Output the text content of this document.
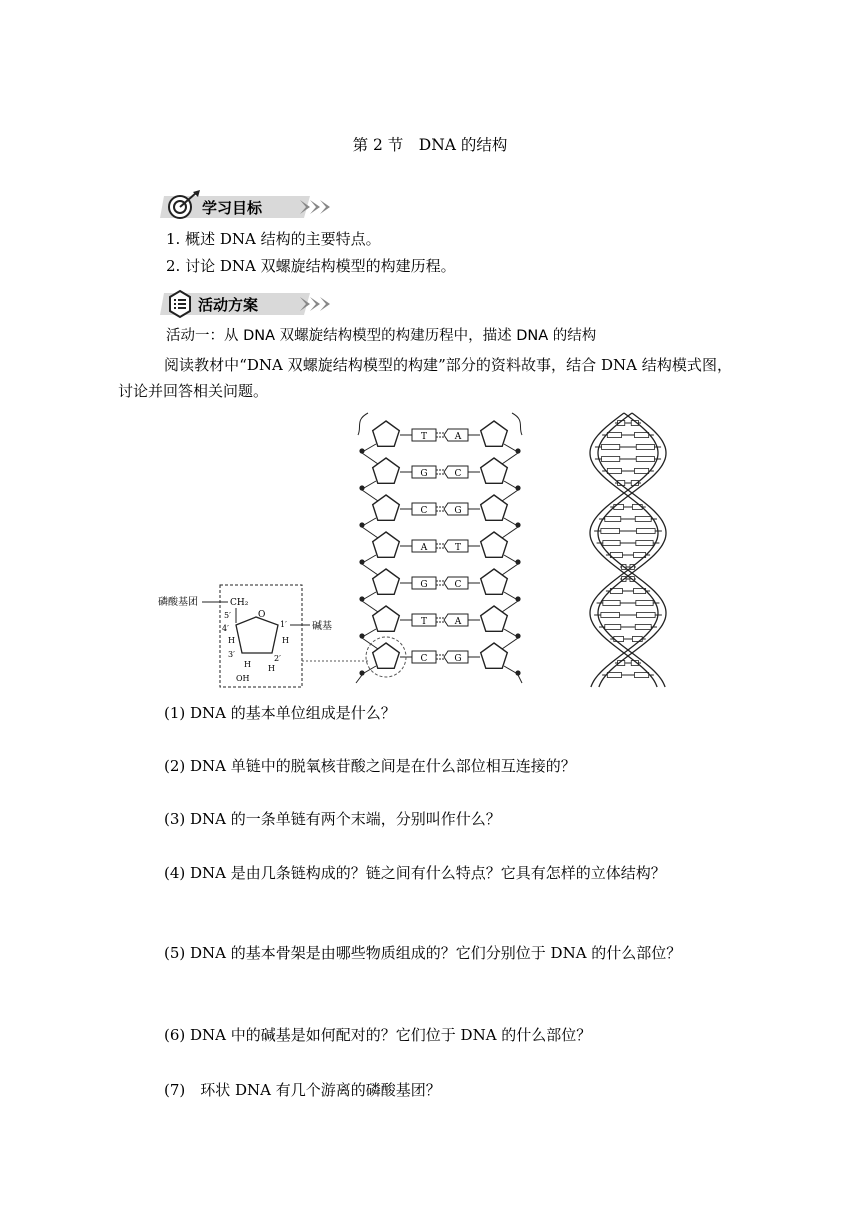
第 2 节　DNA 的结构
学习目标
1. 概述 DNA 结构的主要特点。
2. 讨论 DNA 双螺旋结构模型的构建历程。
活动方案
活动一：从 DNA 双螺旋结构模型的构建历程中，描述 DNA 的结构
阅读教材中“DNA 双螺旋结构模型的构建”部分的资料故事，结合 DNA 结构模式图，讨论并回答相关问题。
磷酸基团	CH₂
5′	O
4′	1′	碱基
H	H
3′	2′
H H
OH
T	A
G	C
C	G
A	T
G	C
T	A
C	G
(1) DNA 的基本单位组成是什么？
(2) DNA 单链中的脱氧核苷酸之间是在什么部位相互连接的？
(3) DNA 的一条单链有两个末端，分别叫作什么？
(4) DNA 是由几条链构成的？链之间有什么特点？它具有怎样的立体结构？
(5) DNA 的基本骨架是由哪些物质组成的？它们分别位于 DNA 的什么部位？
(6) DNA 中的碱基是如何配对的？它们位于 DNA 的什么部位？
(7)　环状 DNA 有几个游离的磷酸基团？
